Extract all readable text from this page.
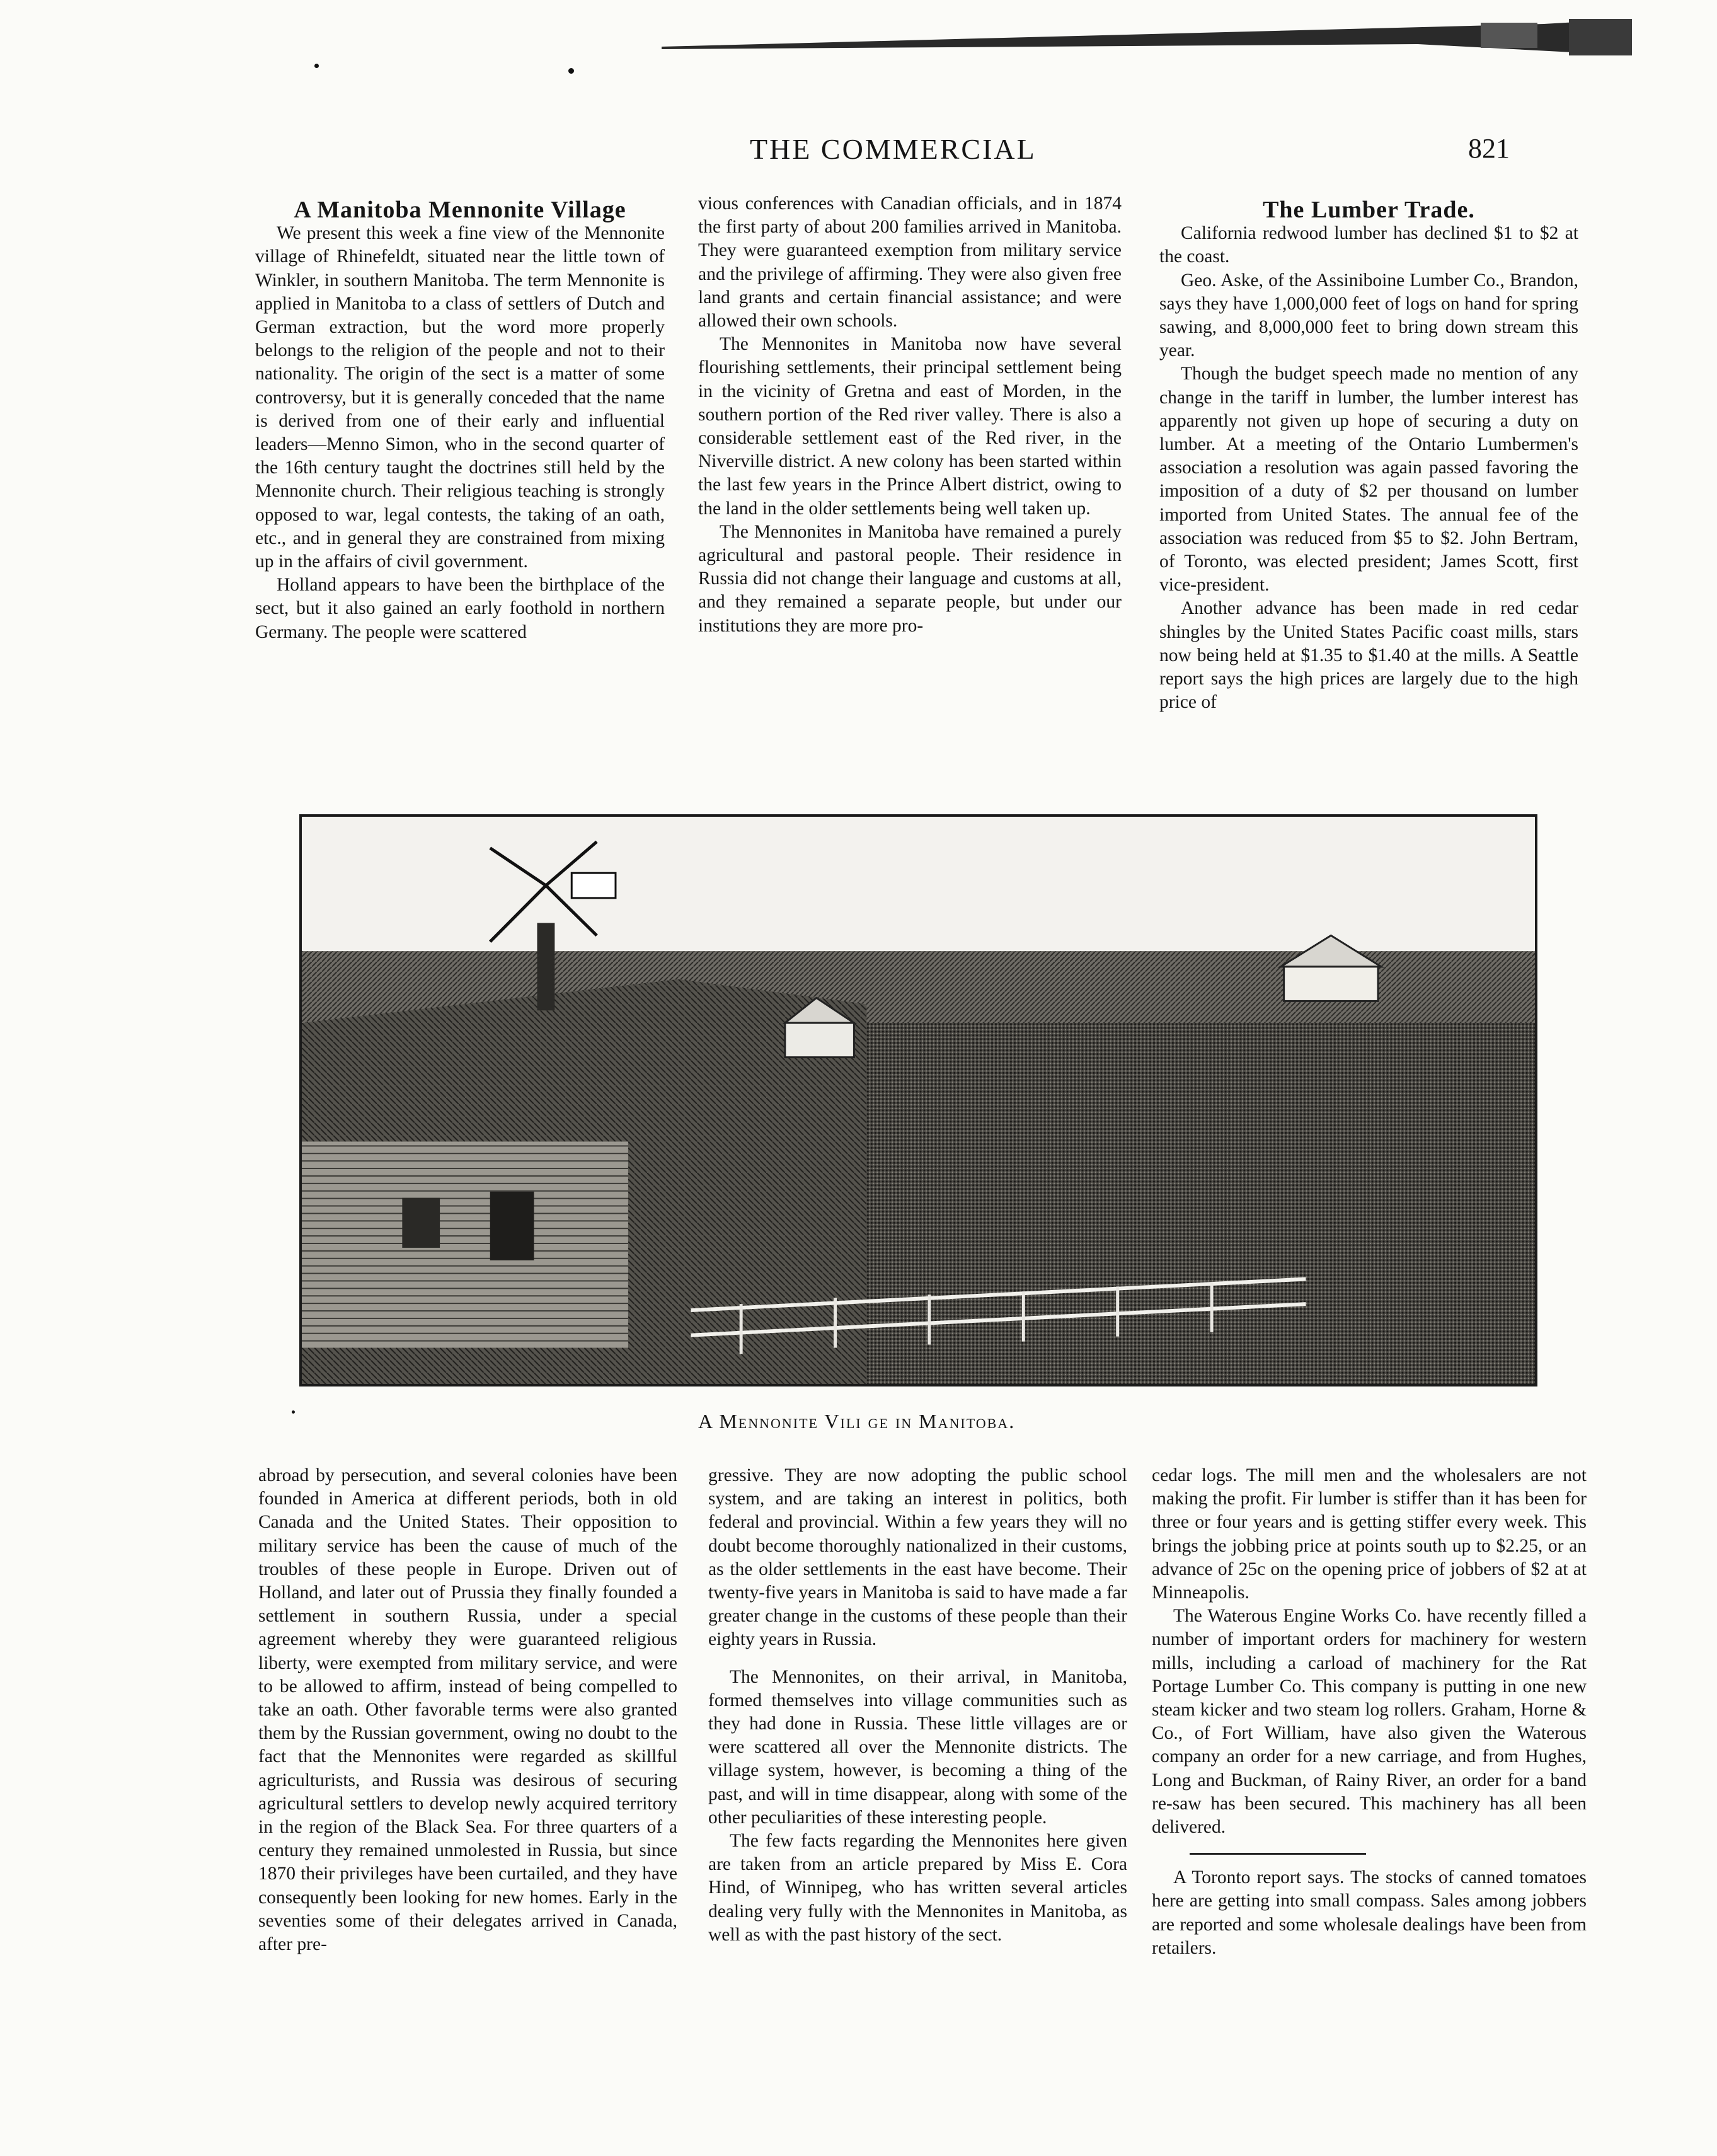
THE COMMERCIAL	821

A Manitoba Mennonite Village

We present this week a fine view of the Mennonite village of Rhinefeldt, situated near the little town of Winkler, in southern Manitoba. The term Mennonite is applied in Manitoba to a class of settlers of Dutch and German extraction, but the word more properly belongs to the religion of the people and not to their nationality. The origin of the sect is a matter of some controversy, but it is generally conceded that the name is derived from one of their early and influential leaders—Menno Simon, who in the second quarter of the 16th century taught the doctrines still held by the Mennonite church. Their religious teaching is strongly opposed to war, legal contests, the taking of an oath, etc., and in general they are constrained from mixing up in the affairs of civil government.

Holland appears to have been the birthplace of the sect, but it also gained an early foothold in northern Germany. The people were scattered

vious conferences with Canadian officials, and in 1874 the first party of about 200 families arrived in Manitoba. They were guaranteed exemption from military service and the privilege of affirming. They were also given free land grants and certain financial assistance; and were allowed their own schools.

The Mennonites in Manitoba now have several flourishing settlements, their principal settlement being in the vicinity of Gretna and east of Morden, in the southern portion of the Red river valley. There is also a considerable settlement east of the Red river, in the Niverville district. A new colony has been started within the last few years in the Prince Albert district, owing to the land in the older settlements being well taken up.

The Mennonites in Manitoba have remained a purely agricultural and pastoral people. Their residence in Russia did not change their language and customs at all, and they remained a separate people, but under our institutions they are more pro-

The Lumber Trade.

California redwood lumber has declined $1 to $2 at the coast.

Geo. Aske, of the Assiniboine Lumber Co., Brandon, says they have 1,000,000 feet of logs on hand for spring sawing, and 8,000,000 feet to bring down stream this year.

Though the budget speech made no mention of any change in the tariff in lumber, the lumber interest has apparently not given up hope of securing a duty on lumber. At a meeting of the Ontario Lumbermen's association a resolution was again passed favoring the imposition of a duty of $2 per thousand on lumber imported from United States. The annual fee of the association was reduced from $5 to $2. John Bertram, of Toronto, was elected president; James Scott, first vice-president.

Another advance has been made in red cedar shingles by the United States Pacific coast mills, stars now being held at $1.35 to $1.40 at the mills. A Seattle report says the high prices are largely due to the high price of

A Mennonite Vili ge in Manitoba.

abroad by persecution, and several colonies have been founded in America at different periods, both in old Canada and the United States. Their opposition to military service has been the cause of much of the troubles of these people in Europe. Driven out of Holland, and later out of Prussia they finally founded a settlement in southern Russia, under a special agreement whereby they were guaranteed religious liberty, were exempted from military service, and were to be allowed to affirm, instead of being compelled to take an oath. Other favorable terms were also granted them by the Russian government, owing no doubt to the fact that the Mennonites were regarded as skillful agriculturists, and Russia was desirous of securing agricultural settlers to develop newly acquired territory in the region of the Black Sea. For three quarters of a century they remained unmolested in Russia, but since 1870 their privileges have been curtailed, and they have consequently been looking for new homes. Early in the seventies some of their delegates arrived in Canada, after pre-

gressive. They are now adopting the public school system, and are taking an interest in politics, both federal and provincial. Within a few years they will no doubt become thoroughly nationalized in their customs, as the older settlements in the east have become. Their twenty-five years in Manitoba is said to have made a far greater change in the customs of these people than their eighty years in Russia.

The Mennonites, on their arrival, in Manitoba, formed themselves into village communities such as they had done in Russia. These little villages are or were scattered all over the Mennonite districts. The village system, however, is becoming a thing of the past, and will in time disappear, along with some of the other peculiarities of these interesting people.

The few facts regarding the Mennonites here given are taken from an article prepared by Miss E. Cora Hind, of Winnipeg, who has written several articles dealing very fully with the Mennonites in Manitoba, as well as with the past history of the sect.

cedar logs. The mill men and the wholesalers are not making the profit. Fir lumber is stiffer than it has been for three or four years and is getting stiffer every week. This brings the jobbing price at points south up to $2.25, or an advance of 25c on the opening price of jobbers of $2 at at Minneapolis.

The Waterous Engine Works Co. have recently filled a number of important orders for machinery for western mills, including a carload of machinery for the Rat Portage Lumber Co. This company is putting in one new steam kicker and two steam log rollers. Graham, Horne & Co., of Fort William, have also given the Waterous company an order for a new carriage, and from Hughes, Long and Buckman, of Rainy River, an order for a band re-saw has been secured. This machinery has all been delivered.

A Toronto report says. The stocks of canned tomatoes here are getting into small compass. Sales among jobbers are reported and some wholesale dealings have been from retailers.
